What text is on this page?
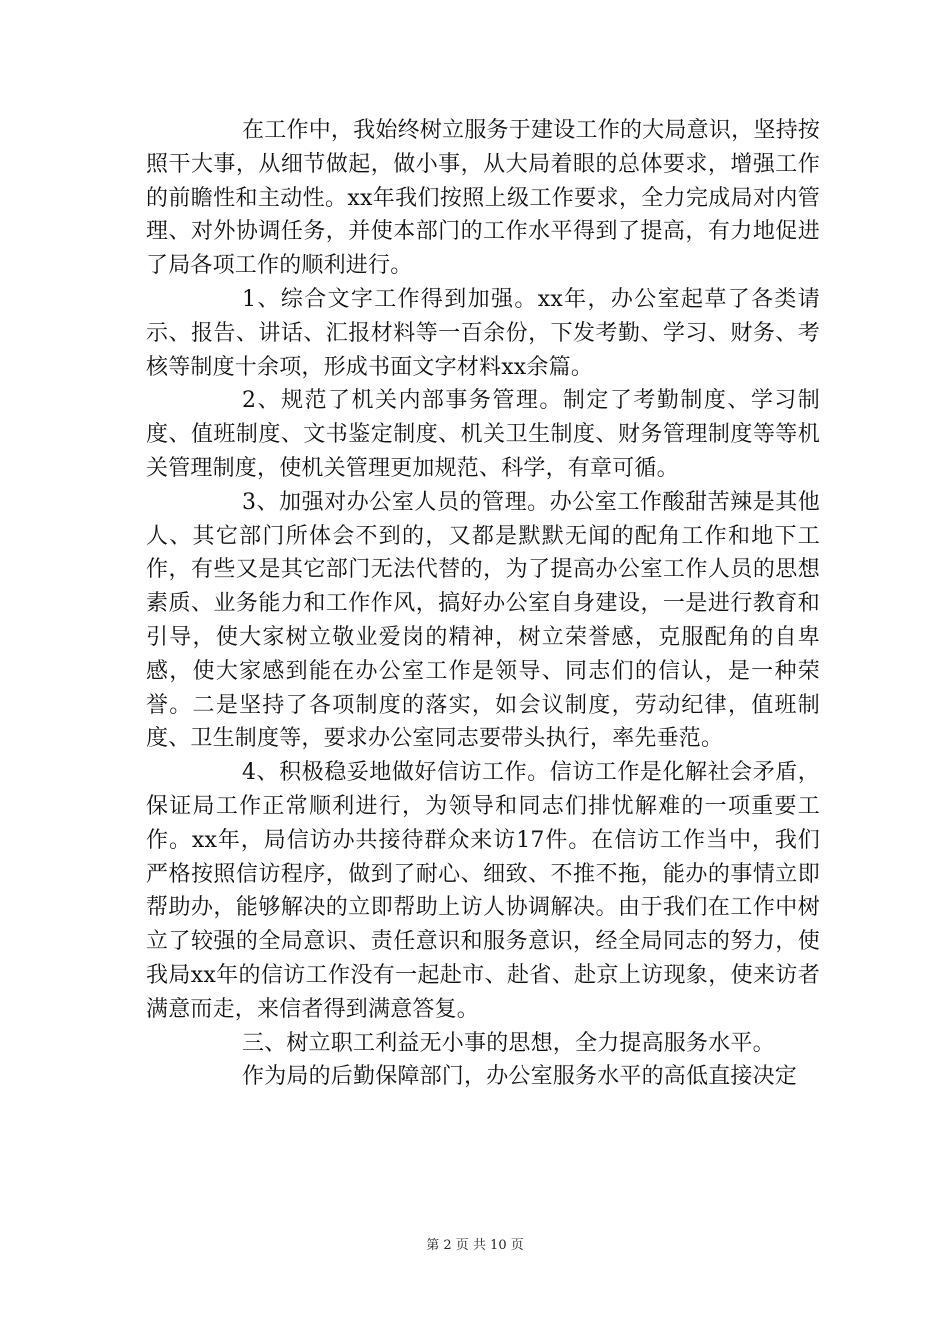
在工作中，我始终树立服务于建设工作的大局意识，坚持按照干大事，从细节做起，做小事，从大局着眼的总体要求，增强工作的前瞻性和主动性。xx年我们按照上级工作要求，全力完成局对内管理、对外协调任务，并使本部门的工作水平得到了提高，有力地促进了局各项工作的顺利进行。

1、综合文字工作得到加强。xx年，办公室起草了各类请示、报告、讲话、汇报材料等一百余份，下发考勤、学习、财务、考核等制度十余项，形成书面文字材料xx余篇。

2、规范了机关内部事务管理。制定了考勤制度、学习制度、值班制度、文书鉴定制度、机关卫生制度、财务管理制度等等机关管理制度，使机关管理更加规范、科学，有章可循。

3、加强对办公室人员的管理。办公室工作酸甜苦辣是其他人、其它部门所体会不到的，又都是默默无闻的配角工作和地下工作，有些又是其它部门无法代替的，为了提高办公室工作人员的思想素质、业务能力和工作作风，搞好办公室自身建设，一是进行教育和引导，使大家树立敬业爱岗的精神，树立荣誉感，克服配角的自卑感，使大家感到能在办公室工作是领导、同志们的信认，是一种荣誉。二是坚持了各项制度的落实，如会议制度，劳动纪律，值班制度、卫生制度等，要求办公室同志要带头执行，率先垂范。

4、积极稳妥地做好信访工作。信访工作是化解社会矛盾，保证局工作正常顺利进行，为领导和同志们排忧解难的一项重要工作。xx年，局信访办共接待群众来访17件。在信访工作当中，我们严格按照信访程序，做到了耐心、细致、不推不拖，能办的事情立即帮助办，能够解决的立即帮助上访人协调解决。由于我们在工作中树立了较强的全局意识、责任意识和服务意识，经全局同志的努力，使我局xx年的信访工作没有一起赴市、赴省、赴京上访现象，使来访者满意而走，来信者得到满意答复。

三、树立职工利益无小事的思想，全力提高服务水平。

作为局的后勤保障部门，办公室服务水平的高低直接决定

第 2 页 共 10 页
